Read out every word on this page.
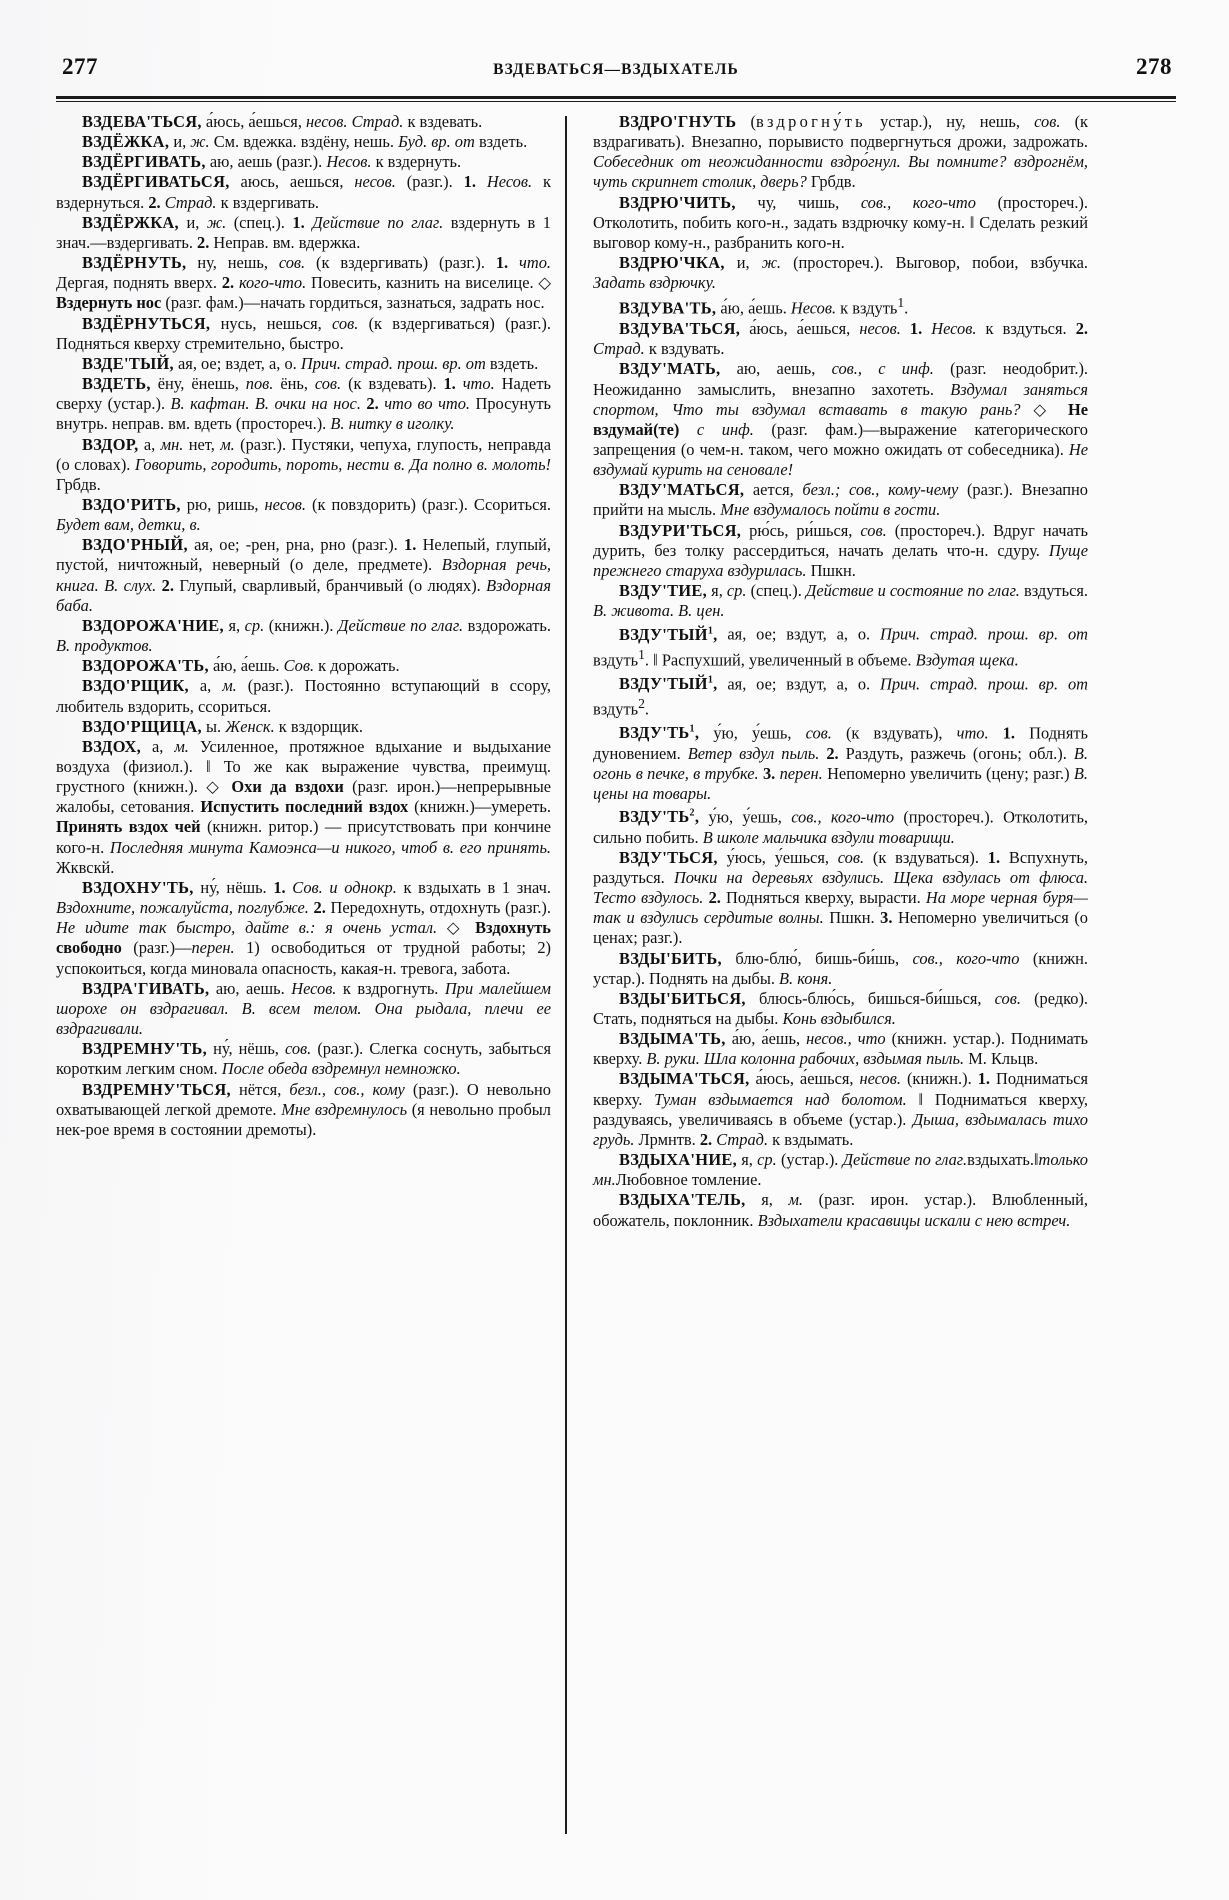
277	ВЗДЕВАТЬСЯ—ВЗДЫХАТЕЛЬ	278

ВЗДЕВА'ТЬСЯ, а́юсь, а́ешься, несов. Страд. к вздевать.

ВЗДЁЖКА, и, ж. См. вдежка. вздёну, нешь. Буд. вр. от вздеть.

ВЗДЁРГИВАТЬ, аю, аешь (разг.). Несов. к вздернуть.

ВЗДЁРГИВАТЬСЯ, аюсь, аешься, несов. (разг.). 1. Несов. к вздернуться. 2. Страд. к вздергивать.

ВЗДЁРЖКА, и, ж. (спец.). 1. Действие по глаг. вздернуть в 1 знач.—вздергивать. 2. Неправ. вм. вдержка.

ВЗДЁРНУТЬ, ну, нешь, сов. (к вздергивать) (разг.). 1. что. Дергая, поднять вверх. 2. кого-что. Повесить, казнить на виселице. ◇ Вздернуть нос (разг. фам.)—начать гордиться, зазнаться, задрать нос.

ВЗДЁРНУТЬСЯ, нусь, нешься, сов. (к вздергиваться) (разг.). Подняться кверху стремительно, быстро.

ВЗДЕ'ТЫЙ, ая, ое; вздет, а, о. Прич. страд. прош. вр. от вздеть.

ВЗДЕТЬ, ёну, ёнешь, пов. ёнь, сов. (к вздевать). 1. что. Надеть сверху (устар.). В. кафтан. В. очки на нос. 2. что во что. Просунуть внутрь. неправ. вм. вдеть (простореч.). В. нитку в иголку.

ВЗДОР, а, мн. нет, м. (разг.). Пустяки, чепуха, глупость, неправда (о словах). Говорить, городить, пороть, нести в. Да полно в. молоть! Грбдв.

ВЗДО'РИТЬ, рю, ришь, несов. (к повздорить) (разг.). Ссориться. Будет вам, детки, в.

ВЗДО'РНЫЙ, ая, ое; -рен, рна, рно (разг.). 1. Нелепый, глупый, пустой, ничтожный, неверный (о деле, предмете). Вздорная речь, книга. В. слух. 2. Глупый, сварливый, бранчивый (о людях). Вздорная баба.

ВЗДОРОЖА'НИЕ, я, ср. (книжн.). Действие по глаг. вздорожать. В. продуктов.

ВЗДОРОЖА'ТЬ, а́ю, а́ешь. Сов. к дорожать.

ВЗДО'РЩИК, а, м. (разг.). Постоянно вступающий в ссору, любитель вздорить, ссориться.

ВЗДО'РЩИЦА, ы. Женск. к вздорщик.

ВЗДОХ, а, м. Усиленное, протяжное вдыхание и выдыхание воздуха (физиол.). ‖ То же как выражение чувства, преимущ. грустного (книжн.). ◇ Охи да вздохи (разг. ирон.)—непрерывные жалобы, сетования. Испустить последний вздох (книжн.)—умереть. Принять вздох чей (книжн. ритор.) — присутствовать при кончине кого-н. Последняя минута Камоэнса—и никого, чтоб в. его принять. Жквскй.

ВЗДОХНУ'ТЬ, ну́, нёшь. 1. Сов. и однокр. к вздыхать в 1 знач. Вздохните, пожалуйста, поглубже. 2. Передохнуть, отдохнуть (разг.). Не идите так быстро, дайте в.: я очень устал. ◇ Вздохнуть свободно (разг.)—перен. 1) освободиться от трудной работы; 2) успокоиться, когда миновала опасность, какая-н. тревога, забота.

ВЗДРА'ГИВАТЬ, аю, аешь. Несов. к вздрогнуть. При малейшем шорохе он вздрагивал. В. всем телом. Она рыдала, плечи ее вздрагивали.

ВЗДРЕМНУ'ТЬ, ну́, нёшь, сов. (разг.). Слегка соснуть, забыться коротким легким сном. После обеда вздремнул немножко.

ВЗДРЕМНУ'ТЬСЯ, нётся, безл., сов., кому (разг.). О невольно охватывающей легкой дремоте. Мне вздремнулось (я невольно пробыл нек-рое время в состоянии дремоты).

ВЗДРО'ГНУТЬ (вздрогну́ть устар.), ну, нешь, сов. (к вздрагивать). Внезапно, порывисто подвергнуться дрожи, задрожать. Собеседник от неожиданности вздро́гнул. Вы помните? вздрогнём, чуть скрипнет столик, дверь? Грбдв.

ВЗДРЮ'ЧИТЬ, чу, чишь, сов., кого-что (простореч.). Отколотить, побить кого-н., задать вздрючку кому-н. ‖ Сделать резкий выговор кому-н., разбранить кого-н.

ВЗДРЮ'ЧКА, и, ж. (простореч.). Выговор, побои, взбучка. Задать вздрючку.

ВЗДУВА'ТЬ, а́ю, а́ешь. Несов. к вздуть$^1$.

ВЗДУВА'ТЬСЯ, а́юсь, а́ешься, несов. 1. Несов. к вздуться. 2. Страд. к вздувать.

ВЗДУ'МАТЬ, аю, аешь, сов., с инф. (разг. неодобрит.). Неожиданно замыслить, внезапно захотеть. Вздумал заняться спортом, Что ты вздумал вставать в такую рань? ◇ Не вздумай(те) с инф. (разг. фам.)—выражение категорического запрещения (о чем-н. таком, чего можно ожидать от собеседника). Не вздумай курить на сеновале!

ВЗДУ'МАТЬСЯ, ается, безл.; сов., кому-чему (разг.). Внезапно прийти на мысль. Мне вздумалось пойти в гости.

ВЗДУРИ'ТЬСЯ, рю́сь, ри́шься, сов. (простореч.). Вдруг начать дурить, без толку рассердиться, начать делать что-н. сдуру. Пуще прежнего старуха вздурилась. Пшкн.

ВЗДУ'ТИЕ, я, ср. (спец.). Действие и состояние по глаг. вздуться. В. живота. В. цен.

ВЗДУ'ТЫЙ$^1$, ая, ое; вздут, а, о. Прич. страд. прош. вр. от вздуть$^1$. ‖ Распухший, увеличенный в объеме. Вздутая щека.

ВЗДУ'ТЫЙ$^1$, ая, ое; вздут, а, о. Прич. страд. прош. вр. от вздуть$^2$.

$ВЗДУ'ТЬ^1$, у́ю, у́ешь, сов. (к вздувать), что. 1. Поднять дуновением. Ветер вздул пыль. 2. Раздуть, разжечь (огонь; обл.). В. огонь в печке, в трубке. 3. перен. Непомерно увеличить (цену; разг.) В. цены на товары.

$ВЗДУ'ТЬ^2$, у́ю, у́ешь, сов., кого-что (простореч.). Отколотить, сильно побить. В школе мальчика вздули товарищи.

ВЗДУ'ТЬСЯ, у́юсь, у́ешься, сов. (к вздуваться). 1. Вспухнуть, раздуться. Почки на деревьях вздулись. Щека вздулась от флюса. Тесто вздулось. 2. Подняться кверху, вырасти. На море черная буря—так и вздулись сердитые волны. Пшкн. 3. Непомерно увеличиться (о ценах; разг.).

ВЗДЫ'БИТЬ, блю-блю́, бишь-би́шь, сов., кого-что (книжн. устар.). Поднять на дыбы. В. коня.

ВЗДЫ'БИТЬСЯ, блюсь-блю́сь, бишься-би́шься, сов. (редко). Стать, подняться на дыбы. Конь вздыбился.

ВЗДЫМА'ТЬ, а́ю, а́ешь, несов., что (книжн. устар.). Поднимать кверху. В. руки. Шла колонна рабочих, вздымая пыль. М. Кльцв.

ВЗДЫМА'ТЬСЯ, а́юсь, а́ешься, несов. (книжн.). 1. Подниматься кверху. Туман вздымается над болотом. ‖ Подниматься кверху, раздуваясь, увеличиваясь в объеме (устар.). Дыша, вздымалась тихо грудь. Лрмнтв. 2. Страд. к вздымать.

ВЗДЫХА'НИЕ, я, ср. (устар.). Действие по глаг.вздыхать.‖только мн.Любовное томление.

ВЗДЫХА'ТЕЛЬ, я, м. (разг. ирон. устар.). Влюбленный, обожатель, поклонник. Вздыхатели красавицы искали с нею встреч.
